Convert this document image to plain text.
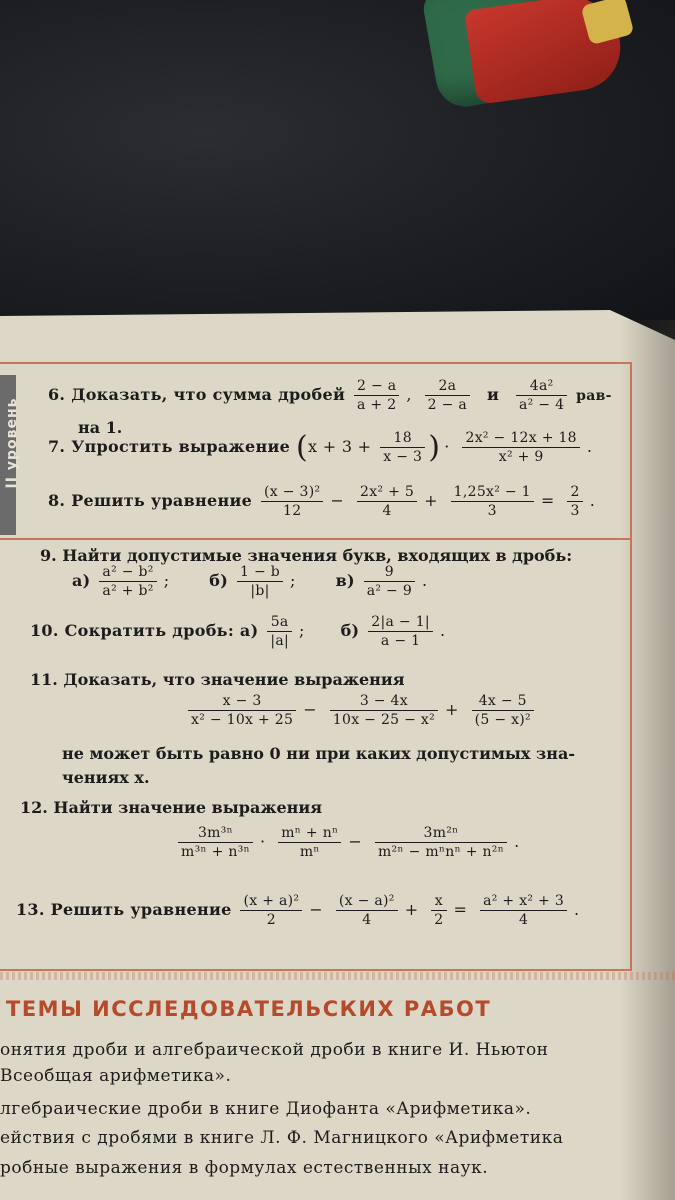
II уровень
6. Доказать, что сумма дробей $\frac{2 - a}{a + 2}$ , $\frac{2a}{2 - a}$ и $\frac{\text{4a²}}{\text{a² − 4}} рав-$
на 1.
7. Упростить выражение ($x + 3 + \frac{18}{x - 3}$ ) · $\frac{\text{2x² − 12x + 18}}{\text{x² + 9}}$ .
8. Решить уравнение $\frac{\text{(x − 3)²}}{12} - \frac{\text{2x² + 5}}{4} + \frac{\text{1,25x² − 1}}{3} = \frac{2}{3}$ .
9. Найти допустимые значения букв, входящих в дробь:
$а) \frac{\text{a² − b²}}{\text{a² + b²}}$ ; $б) \frac{1 - b}{|b|}$ ; $в) \frac{9}{\text{a² − 9}}$ .
10. Сократить дробь: $а) \frac{5a}{|a|}$ ; $б) \frac{2|a - 1|}{a - 1}$ .
11. Доказать, что значение выражения
$\frac{x - 3}{\text{x² − 10x + 25}} - \frac{3 - 4x}{\text{10x − 25 − x²}} + \frac{4x - 5}{\text{(5 − x)²}}$
не может быть равно 0 ни при каких допустимых зна-
чениях x.
12. Найти значение выражения
$\frac{\text{3m³ⁿ}}{\text{m³ⁿ + n³ⁿ}} \cdot \frac{\text{mⁿ + nⁿ}}{\text{mⁿ}} - \frac{\text{3m²ⁿ}}{\text{m²ⁿ − mⁿnⁿ + n²ⁿ}}$ .
13. Решить уравнение $\frac{\text{(x + a)²}}{2} - \frac{\text{(x − a)²}}{4} + \frac{x}{2} = \frac{\text{a² + x² + 3}}{4}$ .
ТЕМЫ ИССЛЕДОВАТЕЛЬСКИХ РАБОТ
онятия дроби и алгебраической дроби в книге И. Ньютон
Всеобщая арифметика».
лгебраические дроби в книге Диофанта «Арифметика».
ействия с дробями в книге Л. Ф. Магницкого «Арифметика
робные выражения в формулах естественных наук.
